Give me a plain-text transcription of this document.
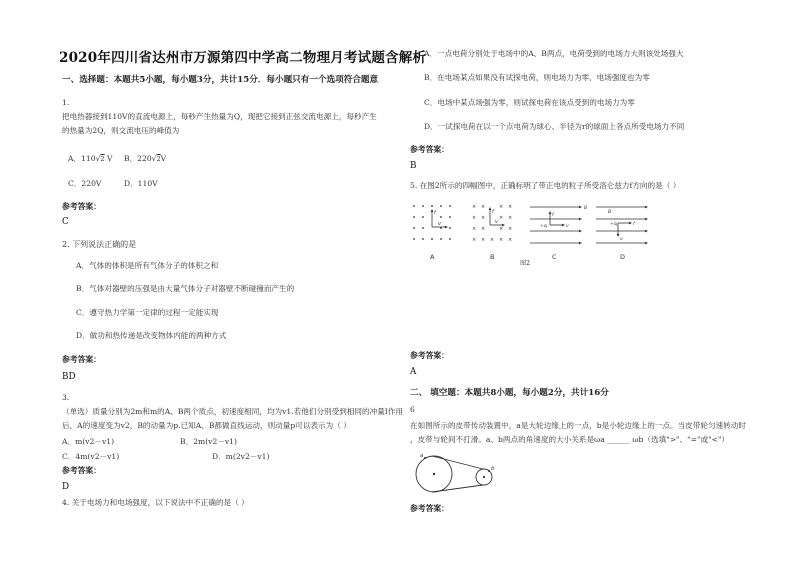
2020年四川省达州市万源第四中学高二物理月考试题含解析
一、选择题：本题共5小题，每小题3分，共计15分．每小题只有一个选项符合题意
1.
把电热器接到110V的直流电源上，每秒产生热量为Q，现把它接到正弦交流电源上，每秒产生
的热量为2Q，则交流电压的峰值为
A．110√2 V B．220√2V
C．220V	D．110V
参考答案：
C
2. 下列说法正确的是
A．气体的体积是所有气体分子的体积之和
B．气体对器壁的压强是由大量气体分子对器壁不断碰撞而产生的
C．遵守热力学第一定律的过程一定能实现
D．做功和热传递是改变物体内能的两种方式
参考答案：
BD
3.
（单选）质量分别为2m和m的A、B两个质点，初速度相同，均为v1.若他们分别受到相同的冲量I作用
后，A的速度变为v2，B的动量为p.已知A、B都做直线运动，则动量p可以表示为（ ）
A．m(v2－v1)	B．2m(v2－v1)
C．4m(v2－v1)	D．m(2v2－v1)
参考答案：
D
4. 关于电场力和电场强度，以下说法中不正确的是（ ）
A．一点电荷分别处于电场中的A、B两点，电荷受到的电场力大则该处场强大
B．在电场某点如果没有试探电荷，则电场力为零，电场强度也为零
C．电场中某点场强为零，则试探电荷在该点受到的电场力为零
D．一试探电荷在以一个点电荷为球心、半径为r的球面上各点所受电场力不同
参考答案：
B
5. 在图2所示的四幅图中，正确标明了带正电的粒子所受洛仑兹力f方向的是（ ）
f
v
A
× ×	× ×
× ×	× ×
× ×	× ×
× × × × ×
f
v
B
+q
f
v
B
C
B
+q	f
v
D
图2
参考答案：
A
二、 填空题：本题共8小题，每小题2分，共计16分
6
在如图所示的皮带传动装置中，a是大轮边缘上的一点，b是小轮边缘上的一点。当皮带轮匀速转动时
，皮带与轮间不打滑。a、b两点的角速度的大小关系是ωa ______ ωb（选填">"、"="或"<"）
a
b
参考答案：
